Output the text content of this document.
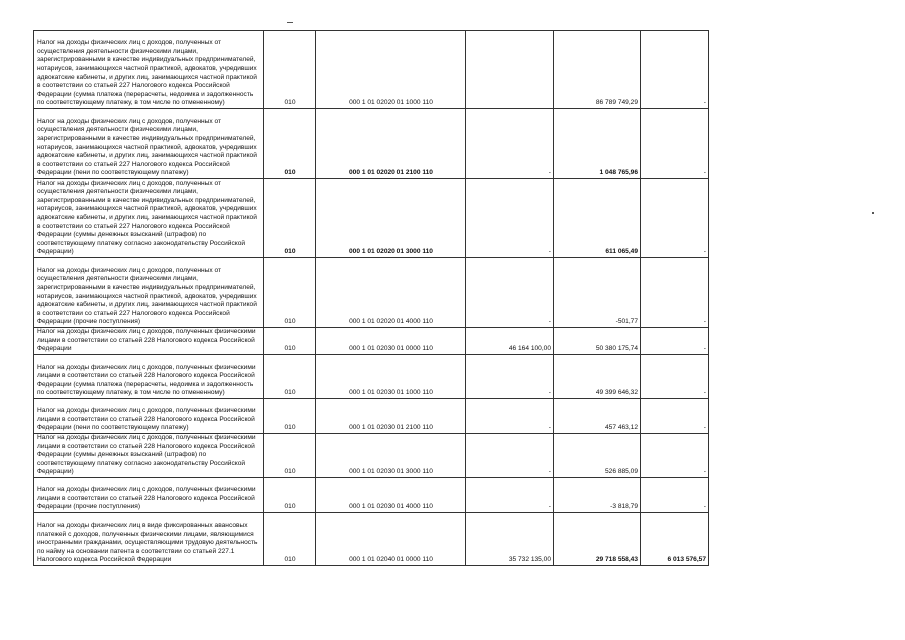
Налог на доходы физических лиц с доходов, полученных от осуществления деятельности физическими лицами, зарегистрированными в качестве индивидуальных предпринимателей, нотариусов, занимающихся частной практикой, адвокатов, учредивших адвокатские кабинеты, и других лиц, занимающихся частной практикой в соответствии со статьей 227 Налогового кодекса Российской Федерации (сумма платежа (перерасчеты, недоимка и задолженность по соответствующему платежу, в том числе по отмененному)	010	000 1 01 02020 01 1000 110		86 789 749,29	-
Налог на доходы физических лиц с доходов, полученных от осуществления деятельности физическими лицами, зарегистрированными в качестве индивидуальных предпринимателей, нотариусов, занимающихся частной практикой, адвокатов, учредивших адвокатские кабинеты, и других лиц, занимающихся частной практикой в соответствии со статьей 227 Налогового кодекса Российской Федерации (пени по соответствующему платежу)	010	000 1 01 02020 01 2100 110	-	1 048 765,96	-
Налог на доходы физических лиц с доходов, полученных от осуществления деятельности физическими лицами, зарегистрированными в качестве индивидуальных предпринимателей, нотариусов, занимающихся частной практикой, адвокатов, учредивших адвокатские кабинеты, и других лиц, занимающихся частной практикой в соответствии со статьей 227 Налогового кодекса Российской Федерации (суммы денежных взысканий (штрафов) по соответствующему платежу согласно законодательству Российской Федерации)	010	000 1 01 02020 01 3000 110	-	611 065,49	-
Налог на доходы физических лиц с доходов, полученных от осуществления деятельности физическими лицами, зарегистрированными в качестве индивидуальных предпринимателей, нотариусов, занимающихся частной практикой, адвокатов, учредивших адвокатские кабинеты, и других лиц, занимающихся частной практикой в соответствии со статьей 227 Налогового кодекса Российской Федерации (прочие поступления)	010	000 1 01 02020 01 4000 110	-	-501,77	-
Налог на доходы физических лиц с доходов, полученных физическими лицами в соответствии со статьей 228 Налогового кодекса Российской Федерации	010	000 1 01 02030 01 0000 110	46 164 100,00	50 380 175,74	-
Налог на доходы физических лиц с доходов, полученных физическими лицами в соответствии со статьей 228 Налогового кодекса Российской Федерации (сумма платежа (перерасчеты, недоимка и задолженность по соответствующему платежу, в том числе по отмененному)	010	000 1 01 02030 01 1000 110	-	49 399 646,32	-
Налог на доходы физических лиц с доходов, полученных физическими лицами в соответствии со статьей 228 Налогового кодекса Российской Федерации (пени по соответствующему платежу)	010	000 1 01 02030 01 2100 110	-	457 463,12	-
Налог на доходы физических лиц с доходов, полученных физическими лицами в соответствии со статьей 228 Налогового кодекса Российской Федерации (суммы денежных взысканий (штрафов) по соответствующему платежу согласно законодательству Российской Федерации)	010	000 1 01 02030 01 3000 110	-	526 885,09	-
Налог на доходы физических лиц с доходов, полученных физическими лицами в соответствии со статьей 228 Налогового кодекса Российской Федерации (прочие поступления)	010	000 1 01 02030 01 4000 110	-	-3 818,79	-
Налог на доходы физических лиц в виде фиксированных авансовых платежей с доходов, полученных физическими лицами, являющимися иностранными гражданами, осуществляющими трудовую деятельность по найму на основании патента в соответствии со статьей 227.1 Налогового кодекса Российской Федерации	010	000 1 01 02040 01 0000 110	35 732 135,00	29 718 558,43	6 013 576,57
